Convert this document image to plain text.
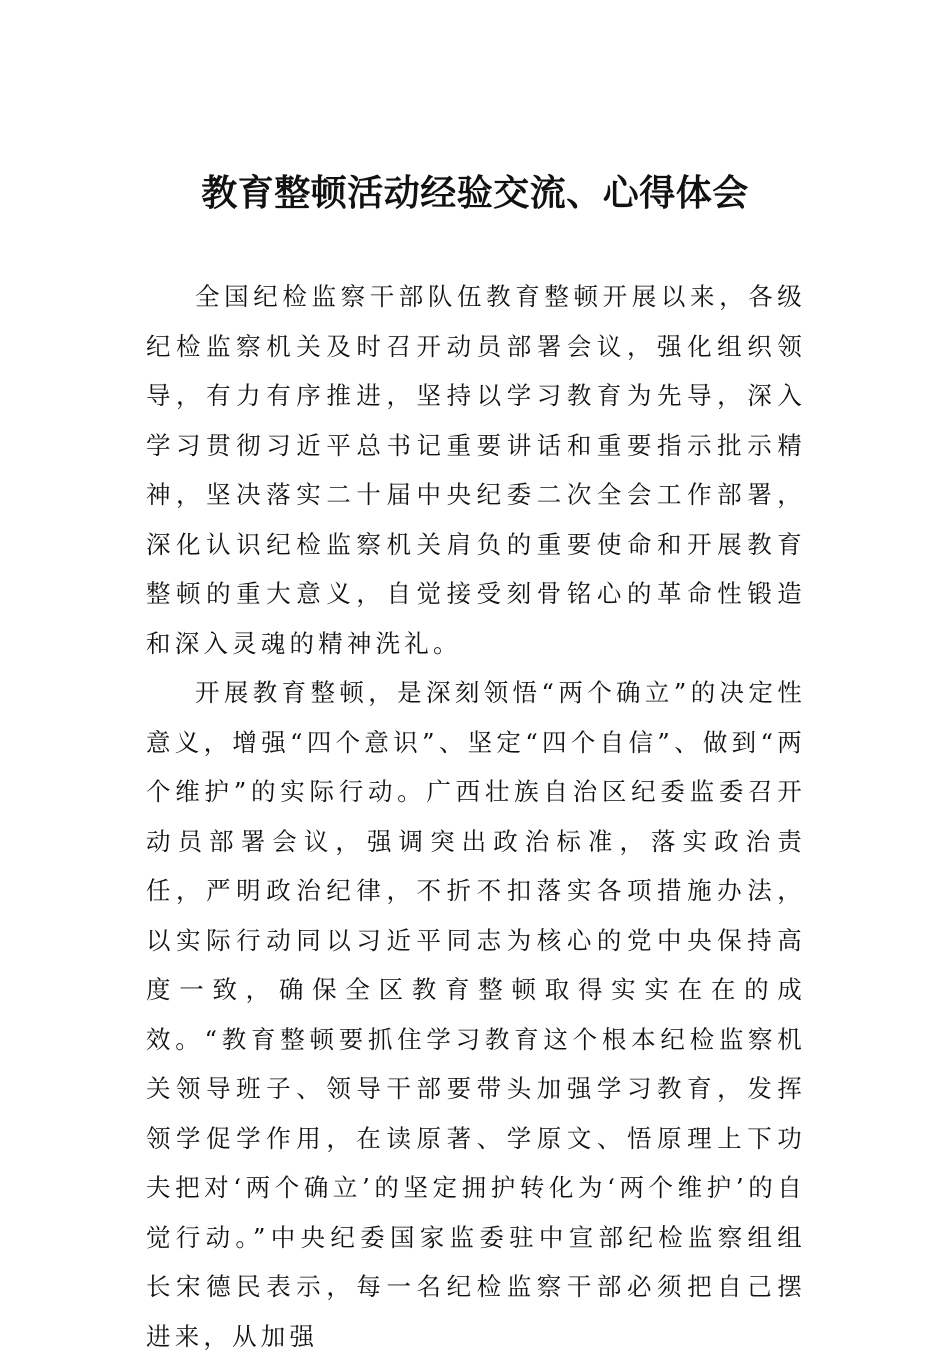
教育整顿活动经验交流、心得体会

全国纪检监察干部队伍教育整顿开展以来，各级纪检监察机关及时召开动员部署会议，强化组织领导，有力有序推进，坚持以学习教育为先导，深入学习贯彻习近平总书记重要讲话和重要指示批示精神，坚决落实二十届中央纪委二次全会工作部署，深化认识纪检监察机关肩负的重要使命和开展教育整顿的重大意义，自觉接受刻骨铭心的革命性锻造和深入灵魂的精神洗礼。

开展教育整顿，是深刻领悟“两个确立”的决定性意义，增强“四个意识”、坚定“四个自信”、做到“两个维护”的实际行动。广西壮族自治区纪委监委召开动员部署会议，强调突出政治标准，落实政治责任，严明政治纪律，不折不扣落实各项措施办法，以实际行动同以习近平同志为核心的党中央保持高度一致，确保全区教育整顿取得实实在在的成效。“教育整顿要抓住学习教育这个根本纪检监察机关领导班子、领导干部要带头加强学习教育，发挥领学促学作用，在读原著、学原文、悟原理上下功夫把对‘两个确立’的坚定拥护转化为‘两个维护’的自觉行动。”中央纪委国家监委驻中宣部纪检监察组组长宋德民表示，每一名纪检监察干部必须把自己摆进来，从加强
